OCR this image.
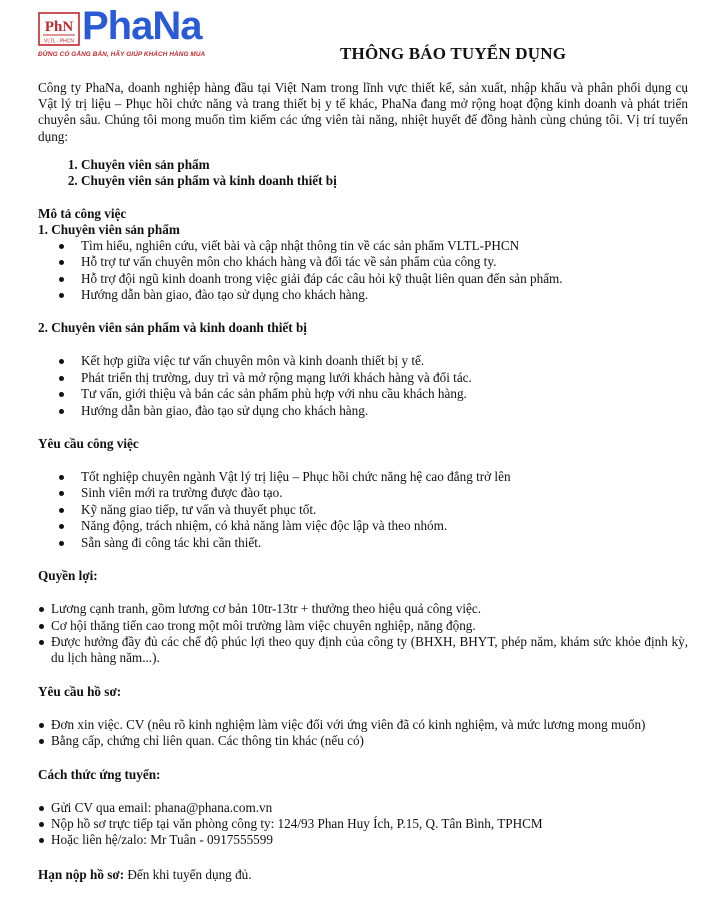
PhN
VLTL - PHCN PhaNa
ĐỪNG CÓ GẮNG BÁN, HÃY GIÚP KHÁCH HÀNG MUA	THÔNG BÁO TUYỂN DỤNG

Công ty PhaNa, doanh nghiệp hàng đầu tại Việt Nam trong lĩnh vực thiết kế, sản xuất, nhập khẩu và phân phối dụng cụ Vật lý trị liệu – Phục hồi chức năng và trang thiết bị y tế khác, PhaNa đang mở rộng hoạt động kinh doanh và phát triển chuyên sâu. Chúng tôi mong muốn tìm kiếm các ứng viên tài năng, nhiệt huyết để đồng hành cùng chúng tôi. Vị trí tuyển dụng:

1. Chuyên viên sản phẩm
2. Chuyên viên sản phẩm và kinh doanh thiết bị
Mô tả công việc
1. Chuyên viên sản phẩm
Tìm hiểu, nghiên cứu, viết bài và cập nhật thông tin về các sản phẩm VLTL-PHCN
Hỗ trợ tư vấn chuyên môn cho khách hàng và đối tác về sản phẩm của công ty.
Hỗ trợ đội ngũ kinh doanh trong việc giải đáp các câu hỏi kỹ thuật liên quan đến sản phẩm.
Hướng dẫn bàn giao, đào tạo sử dụng cho khách hàng.
2. Chuyên viên sản phẩm và kinh doanh thiết bị
Kết hợp giữa việc tư vấn chuyên môn và kinh doanh thiết bị y tế.
Phát triển thị trường, duy trì và mở rộng mạng lưới khách hàng và đối tác.
Tư vấn, giới thiệu và bán các sản phẩm phù hợp với nhu cầu khách hàng.
Hướng dẫn bàn giao, đào tạo sử dụng cho khách hàng.
Yêu cầu công việc
Tốt nghiệp chuyên ngành Vật lý trị liệu – Phục hồi chức năng hệ cao đẳng trở lên
Sinh viên mới ra trường được đào tạo.
Kỹ năng giao tiếp, tư vấn và thuyết phục tốt.
Năng động, trách nhiệm, có khả năng làm việc độc lập và theo nhóm.
Sẵn sàng đi công tác khi cần thiết.
Quyền lợi:
Lương cạnh tranh, gồm lương cơ bản 10tr-13tr + thưởng theo hiệu quả công việc.
Cơ hội thăng tiến cao trong một môi trường làm việc chuyên nghiệp, năng động.
Được hưởng đầy đủ các chế độ phúc lợi theo quy định của công ty (BHXH, BHYT, phép năm, khám sức khỏe định kỳ, du lịch hàng năm...).
Yêu cầu hồ sơ:
Đơn xin việc. CV (nêu rõ kinh nghiệm làm việc đối với ứng viên đã có kinh nghiệm, và mức lương mong muốn)
Bằng cấp, chứng chỉ liên quan. Các thông tin khác (nếu có)
Cách thức ứng tuyển:
Gửi CV qua email: phana@phana.com.vn
Nộp hồ sơ trực tiếp tại văn phòng công ty: 124/93 Phan Huy Ích, P.15, Q. Tân Bình, TPHCM
Hoặc liên hệ/zalo: Mr Tuân - 0917555599
Hạn nộp hồ sơ: Đến khi tuyển dụng đủ.
